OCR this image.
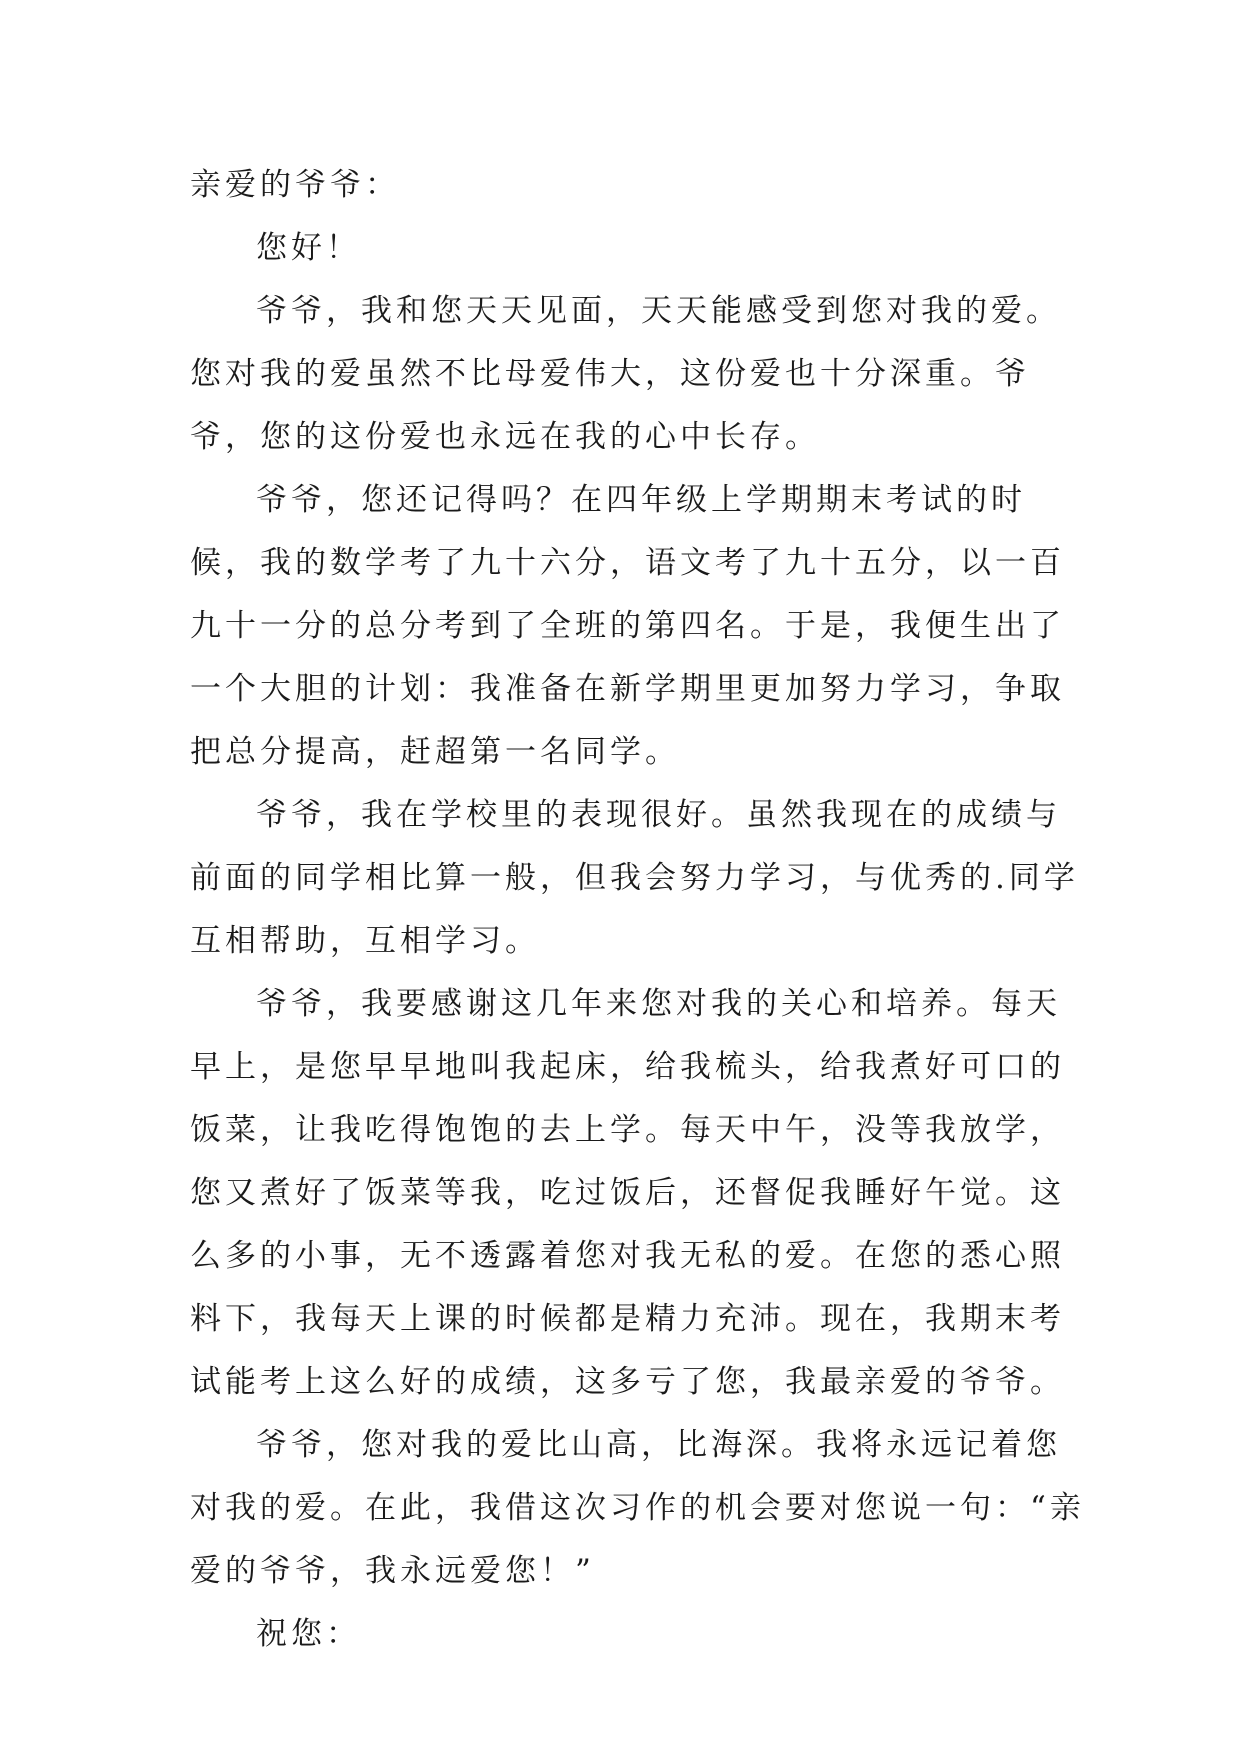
亲爱的爷爷：

您好！

爷爷，我和您天天见面，天天能感受到您对我的爱。您对我的爱虽然不比母爱伟大，这份爱也十分深重。爷爷，您的这份爱也永远在我的心中长存。

爷爷，您还记得吗？在四年级上学期期末考试的时候，我的数学考了九十六分，语文考了九十五分，以一百九十一分的总分考到了全班的第四名。于是，我便生出了一个大胆的计划：我准备在新学期里更加努力学习，争取把总分提高，赶超第一名同学。

爷爷，我在学校里的表现很好。虽然我现在的成绩与前面的同学相比算一般，但我会努力学习，与优秀的.同学互相帮助，互相学习。

爷爷，我要感谢这几年来您对我的关心和培养。每天早上，是您早早地叫我起床，给我梳头，给我煮好可口的饭菜，让我吃得饱饱的去上学。每天中午，没等我放学，您又煮好了饭菜等我，吃过饭后，还督促我睡好午觉。这么多的小事，无不透露着您对我无私的爱。在您的悉心照料下，我每天上课的时候都是精力充沛。现在，我期末考试能考上这么好的成绩，这多亏了您，我最亲爱的爷爷。

爷爷，您对我的爱比山高，比海深。我将永远记着您对我的爱。在此，我借这次习作的机会要对您说一句：“亲爱的爷爷，我永远爱您！”

祝您：
